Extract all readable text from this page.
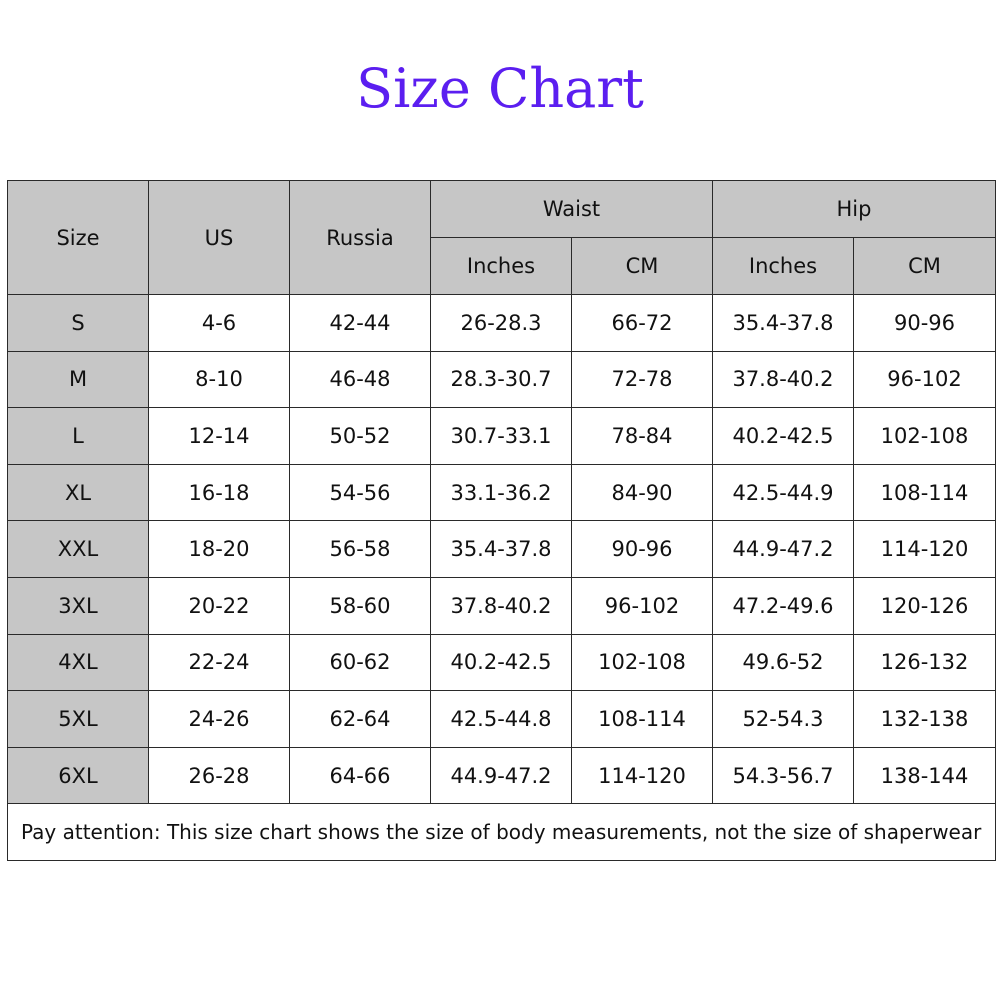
Size Chart
Size	US	Russia	Waist		Hip	
			Inches	CM	Inches	CM
S	4-6	42-44	26-28.3	66-72	35.4-37.8	90-96
M	8-10	46-48	28.3-30.7	72-78	37.8-40.2	96-102
L	12-14	50-52	30.7-33.1	78-84	40.2-42.5	102-108
XL	16-18	54-56	33.1-36.2	84-90	42.5-44.9	108-114
XXL	18-20	56-58	35.4-37.8	90-96	44.9-47.2	114-120
3XL	20-22	58-60	37.8-40.2	96-102	47.2-49.6	120-126
4XL	22-24	60-62	40.2-42.5	102-108	49.6-52	126-132
5XL	24-26	62-64	42.5-44.8	108-114	52-54.3	132-138
6XL	26-28	64-66	44.9-47.2	114-120	54.3-56.7	138-144
Pay attention: This size chart shows the size of body measurements, not the size of shaperwear						
